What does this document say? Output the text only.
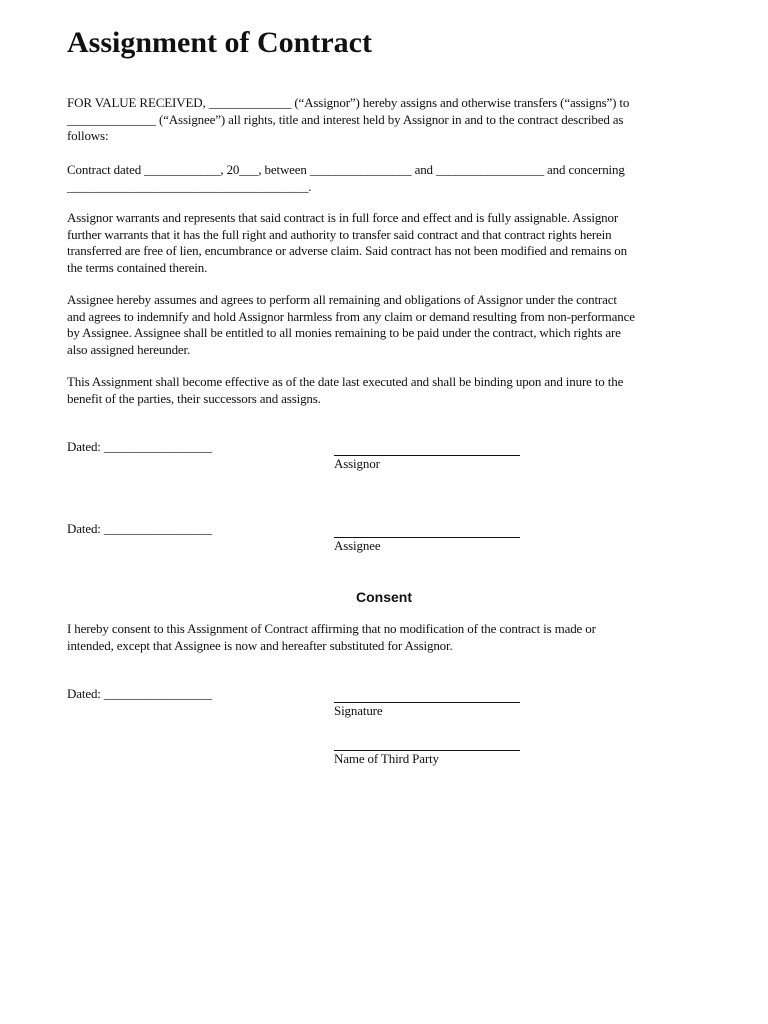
Assignment of Contract

FOR VALUE RECEIVED, _____________ (“Assignor”) hereby assigns and otherwise transfers (“assigns”) to
______________ (“Assignee”) all rights, title and interest held by Assignor in and to the contract described as
follows:

Contract dated ____________, 20___, between ________________ and _________________ and concerning
______________________________________.

Assignor warrants and represents that said contract is in full force and effect and is fully assignable. Assignor
further warrants that it has the full right and authority to transfer said contract and that contract rights herein
transferred are free of lien, encumbrance or adverse claim. Said contract has not been modified and remains on
the terms contained therein.

Assignee hereby assumes and agrees to perform all remaining and obligations of Assignor under the contract
and agrees to indemnify and hold Assignor harmless from any claim or demand resulting from non-performance
by Assignee. Assignee shall be entitled to all monies remaining to be paid under the contract, which rights are
also assigned hereunder.

This Assignment shall become effective as of the date last executed and shall be binding upon and inure to the
benefit of the parties, their successors and assigns.

Dated: _________________
Assignor
Dated: _________________
Assignee
Consent

I hereby consent to this Assignment of Contract affirming that no modification of the contract is made or
intended, except that Assignee is now and hereafter substituted for Assignor.

Dated: _________________
Signature
Name of Third Party
